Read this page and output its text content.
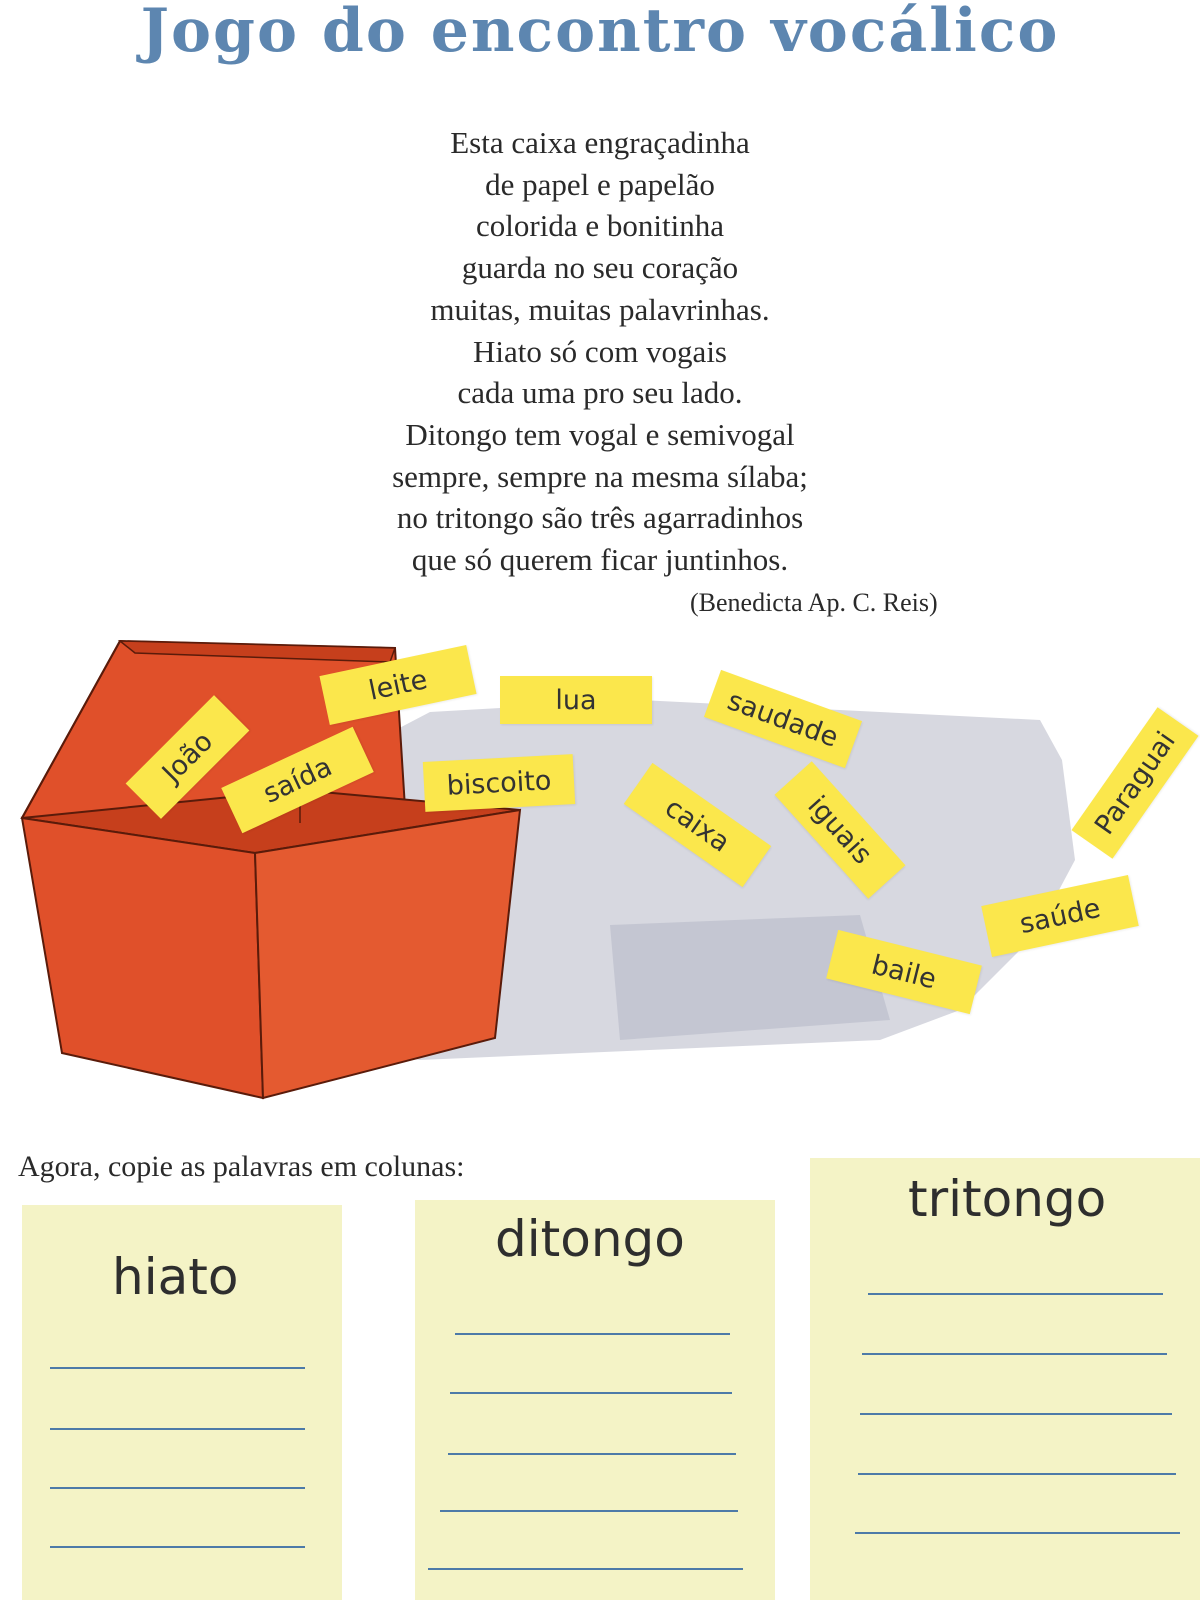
Jogo do encontro vocálico
Esta caixa engraçadinha
de papel e papelão
colorida e bonitinha
guarda no seu coração
muitas, muitas palavrinhas.
Hiato só com vogais
cada uma pro seu lado.
Ditongo tem vogal e semivogal
sempre, sempre na mesma sílaba;
no tritongo são três agarradinhos
que só querem ficar juntinhos.
(Benedicta Ap. C. Reis)
João
leite	lua	saudade
saída	biscoito
caixa	iguais	Paraguai
saúde
baile
Agora, copie as palavras em colunas:
hiato
ditongo
tritongo
